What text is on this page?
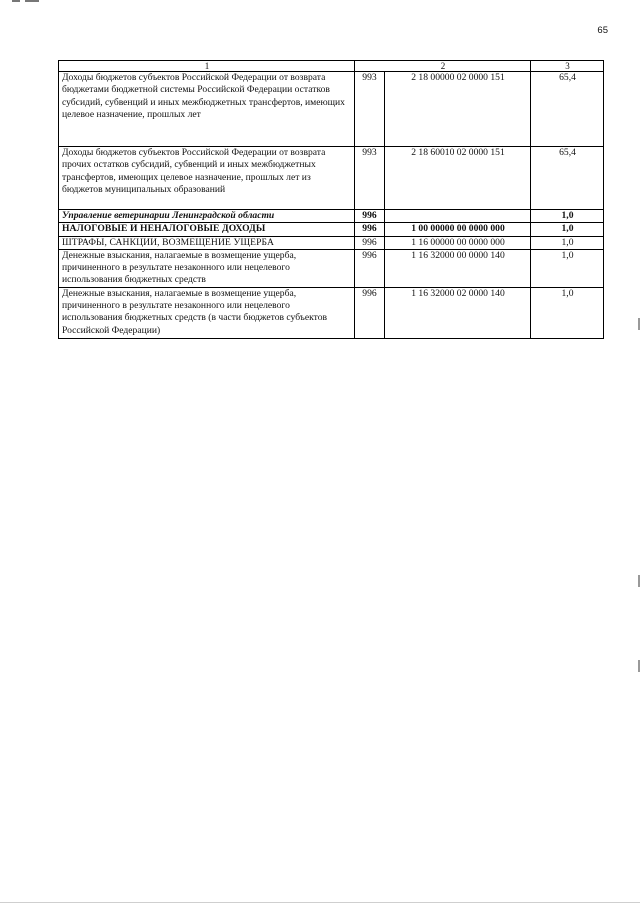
65
1	2		3
Доходы бюджетов субъектов Российской Федерации от возврата бюджетами бюджетной системы Российской Федерации остатков субсидий, субвенций и иных межбюджетных трансфертов, имеющих целевое назначение, прошлых лет	993	2 18 00000 02 0000 151	65,4
Доходы бюджетов субъектов Российской Федерации от возврата прочих остатков субсидий, субвенций и иных межбюджетных трансфертов, имеющих целевое назначение, прошлых лет из бюджетов муниципальных образований	993	2 18 60010 02 0000 151	65,4
Управление ветеринарии Ленинградской области	996		1,0
НАЛОГОВЫЕ И НЕНАЛОГОВЫЕ ДОХОДЫ	996	1 00 00000 00 0000 000	1,0
ШТРАФЫ, САНКЦИИ, ВОЗМЕЩЕНИЕ УЩЕРБА	996	1 16 00000 00 0000 000	1,0
Денежные взыскания, налагаемые в возмещение ущерба, причиненного в результате незаконного или нецелевого использования бюджетных средств	996	1 16 32000 00 0000 140	1,0
Денежные взыскания, налагаемые в возмещение ущерба, причиненного в результате незаконного или нецелевого использования бюджетных средств (в части бюджетов субъектов Российской Федерации)	996	1 16 32000 02 0000 140	1,0
